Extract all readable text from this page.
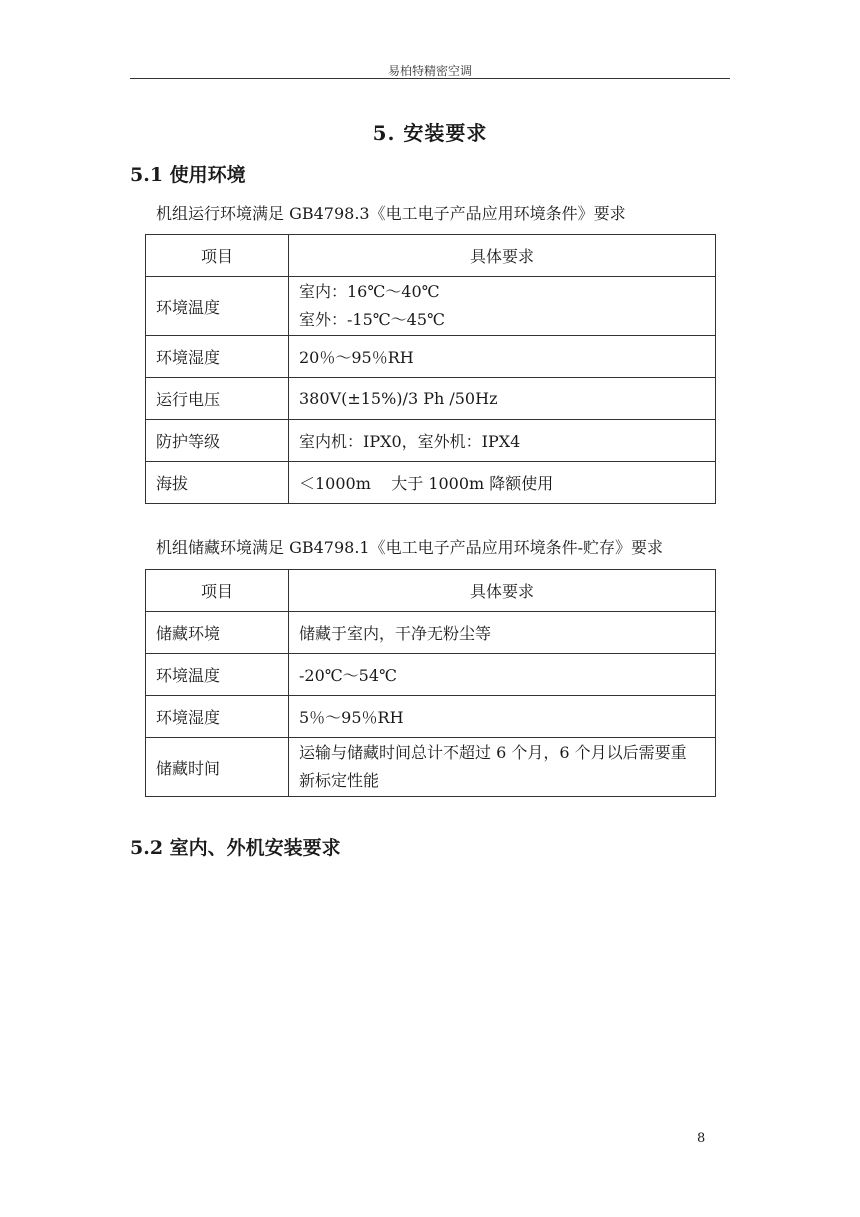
易柏特精密空调
5. 安装要求
5.1 使用环境
机组运行环境满足 GB4798.3《电工电子产品应用环境条件》要求
项目	具体要求
环境温度	室内：16℃～40℃
室外：-15℃～45℃

环境湿度	20％～95％RH
运行电压	380V(±15%)/3 Ph /50Hz
防护等级	室内机：IPX0，室外机：IPX4
海拔	＜1000m    大于 1000m 降额使用
机组储藏环境满足 GB4798.1《电工电子产品应用环境条件-贮存》要求
项目	具体要求
储藏环境	储藏于室内，干净无粉尘等
环境温度	-20℃～54℃
环境湿度	5％～95％RH
储藏时间	运输与储藏时间总计不超过 6 个月，6 个月以后需要重
新标定性能
5.2 室内、外机安装要求
8
